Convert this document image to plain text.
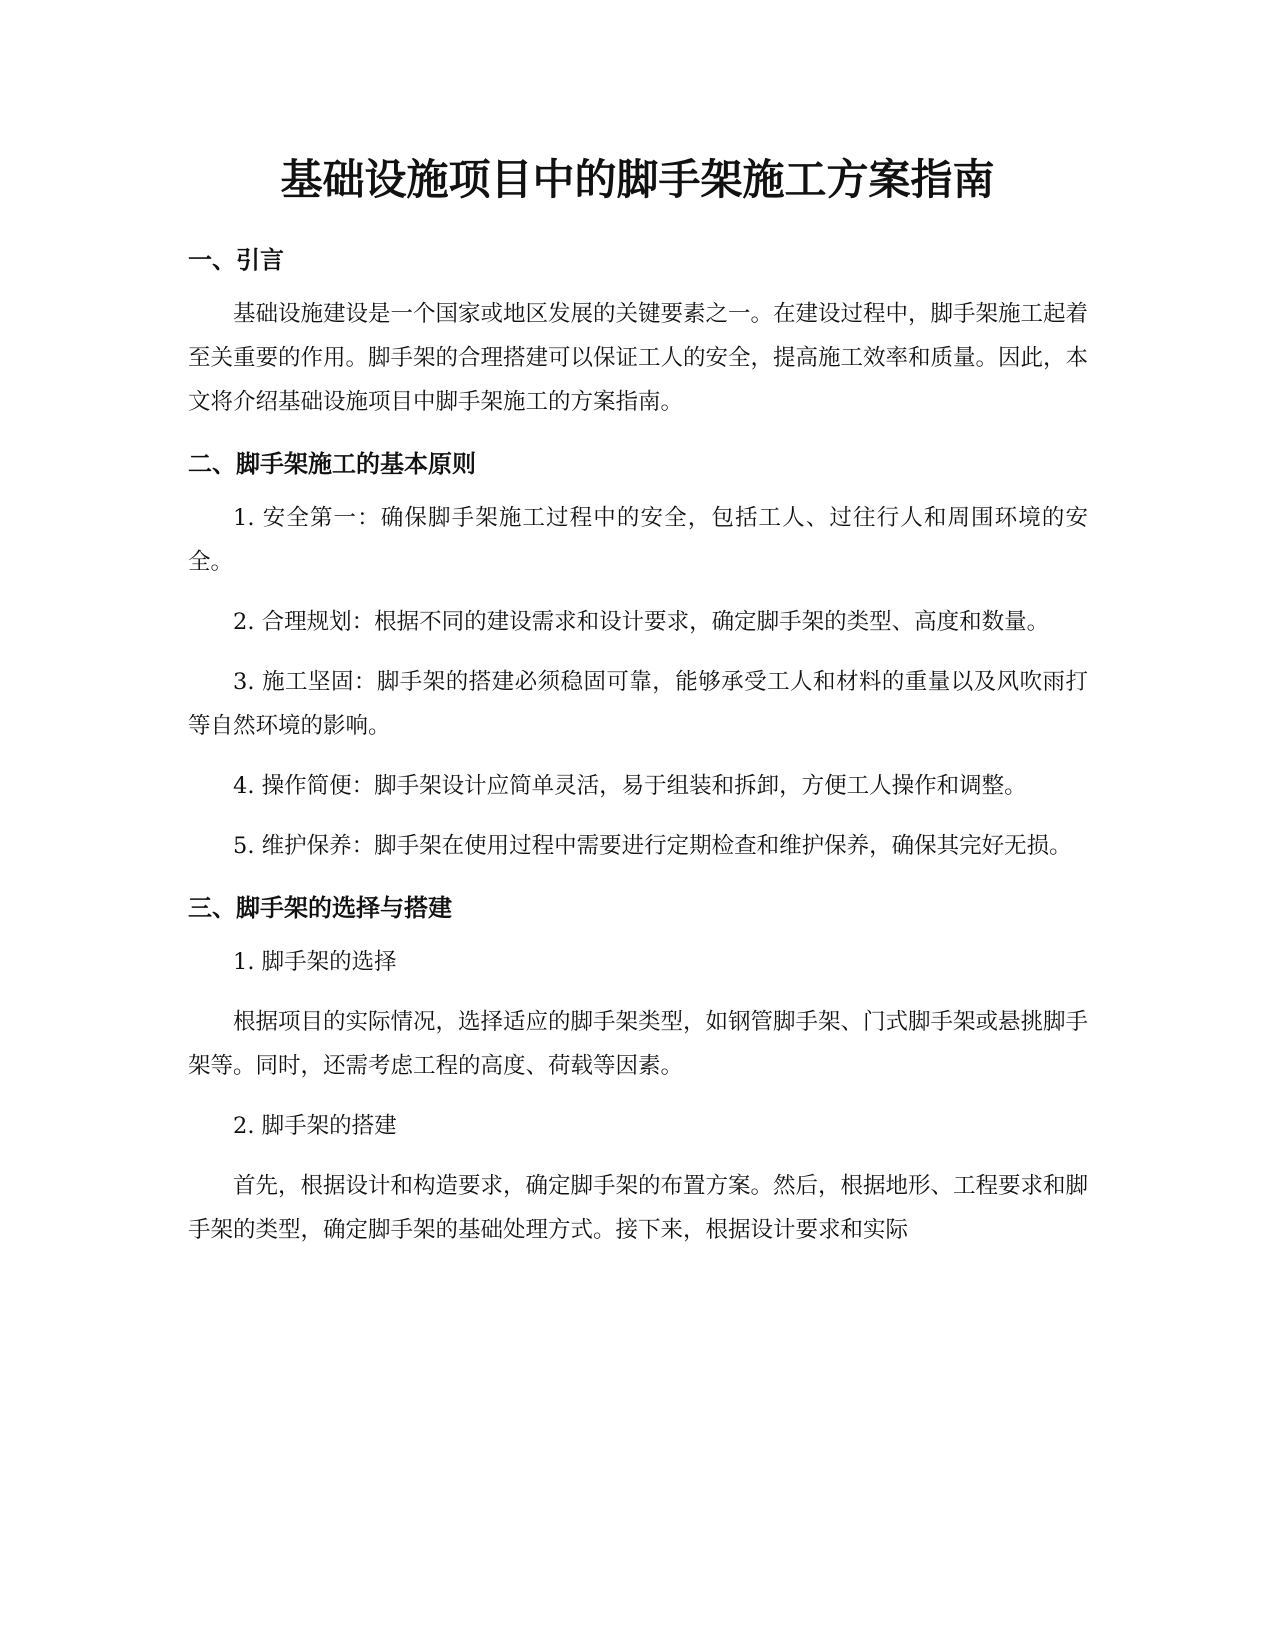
基础设施项目中的脚手架施工方案指南
一、引言

基础设施建设是一个国家或地区发展的关键要素之一。在建设过程中，脚手架施工起着至关重要的作用。脚手架的合理搭建可以保证工人的安全，提高施工效率和质量。因此，本文将介绍基础设施项目中脚手架施工的方案指南。

二、脚手架施工的基本原则

1. 安全第一：确保脚手架施工过程中的安全，包括工人、过往行人和周围环境的安全。

2. 合理规划：根据不同的建设需求和设计要求，确定脚手架的类型、高度和数量。

3. 施工坚固：脚手架的搭建必须稳固可靠，能够承受工人和材料的重量以及风吹雨打等自然环境的影响。

4. 操作简便：脚手架设计应简单灵活，易于组装和拆卸，方便工人操作和调整。

5. 维护保养：脚手架在使用过程中需要进行定期检查和维护保养，确保其完好无损。

三、脚手架的选择与搭建

1. 脚手架的选择

根据项目的实际情况，选择适应的脚手架类型，如钢管脚手架、门式脚手架或悬挑脚手架等。同时，还需考虑工程的高度、荷载等因素。

2. 脚手架的搭建

首先，根据设计和构造要求，确定脚手架的布置方案。然后，根据地形、工程要求和脚手架的类型，确定脚手架的基础处理方式。接下来，根据设计要求和实际
